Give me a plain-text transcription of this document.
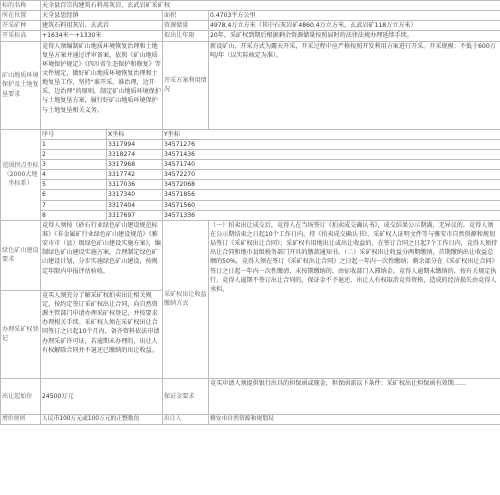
标的名称	天全县百宗沟建筑石料用灰岩、玄武岩矿采矿权			
所在位置	天全县思经镇		面积	0.4703平方公里
开采矿种	建筑石料用灰岩、玄武岩		资源储量	4978.4万立方米（其中石灰岩矿4860.4万立方米，玄武岩矿118万立方米）
开采标高	+1634米～+1330米		拟出让年限	20年，采矿权到期后根据剩余资源储量按照届时的法律法规办理延续手续。
矿山地质环境保护及土地复垦要求	竞得人须编制矿山地质环境恢复治理和土地复垦方案并通过评审备案，依照《矿山地质环境保护规定》《四川省生态保护和修复》等文件规定，做好矿山地质环境恢复治理和土地复垦工作，坚持“谁开采、谁治理，边开采、边治理”的原则，制定矿山地质环境保护与土地复垦方案，履行好矿山地质环境保护与土地复垦相关义务。		开采方案利用情况	新设矿山，开采方式为露天开采，开采过程中应严格按照开发利用方案进行开采。开采规模：不低于600万吨/年（以实际核定为准）。
范围拐点坐标（2000大地坐标系）	序号	X坐标	Y坐标	
	1	3317994	34571276	
	2	3318274	34571436	
	3	3317968	34571740	
	4	3317742	34572270	
	5	3317036	34572068	
	6	3317340	34571856	
	7	3317404	34571560	
	8	3317697	34571336	
绿色矿山建设要求	竞得人须按《砂石行业绿色矿山建设规范标准》《非金属矿行业绿色矿山建设规范》《雅安市市（县）级绿色矿山建设实施方案》，编制绿色矿山建设实施方案，合理制定绿色矿山建设计划，分步实施绿色矿山建设，按规定年限内申报评估验收。		采矿权出让收益缴纳方式	（一）拍卖出让成交后，竞得人在当场签订《拍卖成交确认书》，成交结果公示期满，无异议的，竞得人须在公示期结束之日起10个工作日内，持《拍卖成交确认书》、采矿权人证明文件等与雅安市自然资源和规划局签订《采矿权出让合同》；采矿权有用地出让或出让收益的，在签订合同之日起7个工作日内，竞得人须持出让合同和地市县级税务部门开具的缴款通知书。（二）采矿权出让收益分两期缴纳，首期缴纳出让收益总额的50%，竞得人须在签订《采矿权出让合同》之日起一年内一次性缴纳；剩余部分在《采矿权出让合同》签订之日起一年内一次性缴清，未按期缴纳的，由征收部门入滞纳金。竞得人逾期未缴纳的，按有关规定执行，竞得人逾期不签订出让合同的，保证金不予退还，出让人有权取消竞得资格，造成的经济损失由竞得人承担。
办理采矿权登记	竞买人须充分了解采矿权拍卖出让相关规定，按约定签订采矿权出让合同，向自然资源主管部门申请办理采矿权登记，并按要求办理相关手续。采矿权人须在采矿权出让合同签订之日起10个月内，备齐资料依法申请办理采矿许可证，若逾期未办理的，出让人有权解除合同并不退还已缴纳的出让收益。			
出让起始价	24500万元		保证金要求	竞买申请人须提供银行出具的担保函或现金，担保函需以下条件：采矿权出让担保函有效期……
增价规则	人民币100万元或100万元的正整数倍		出让人	雅安市自然资源和规划局
